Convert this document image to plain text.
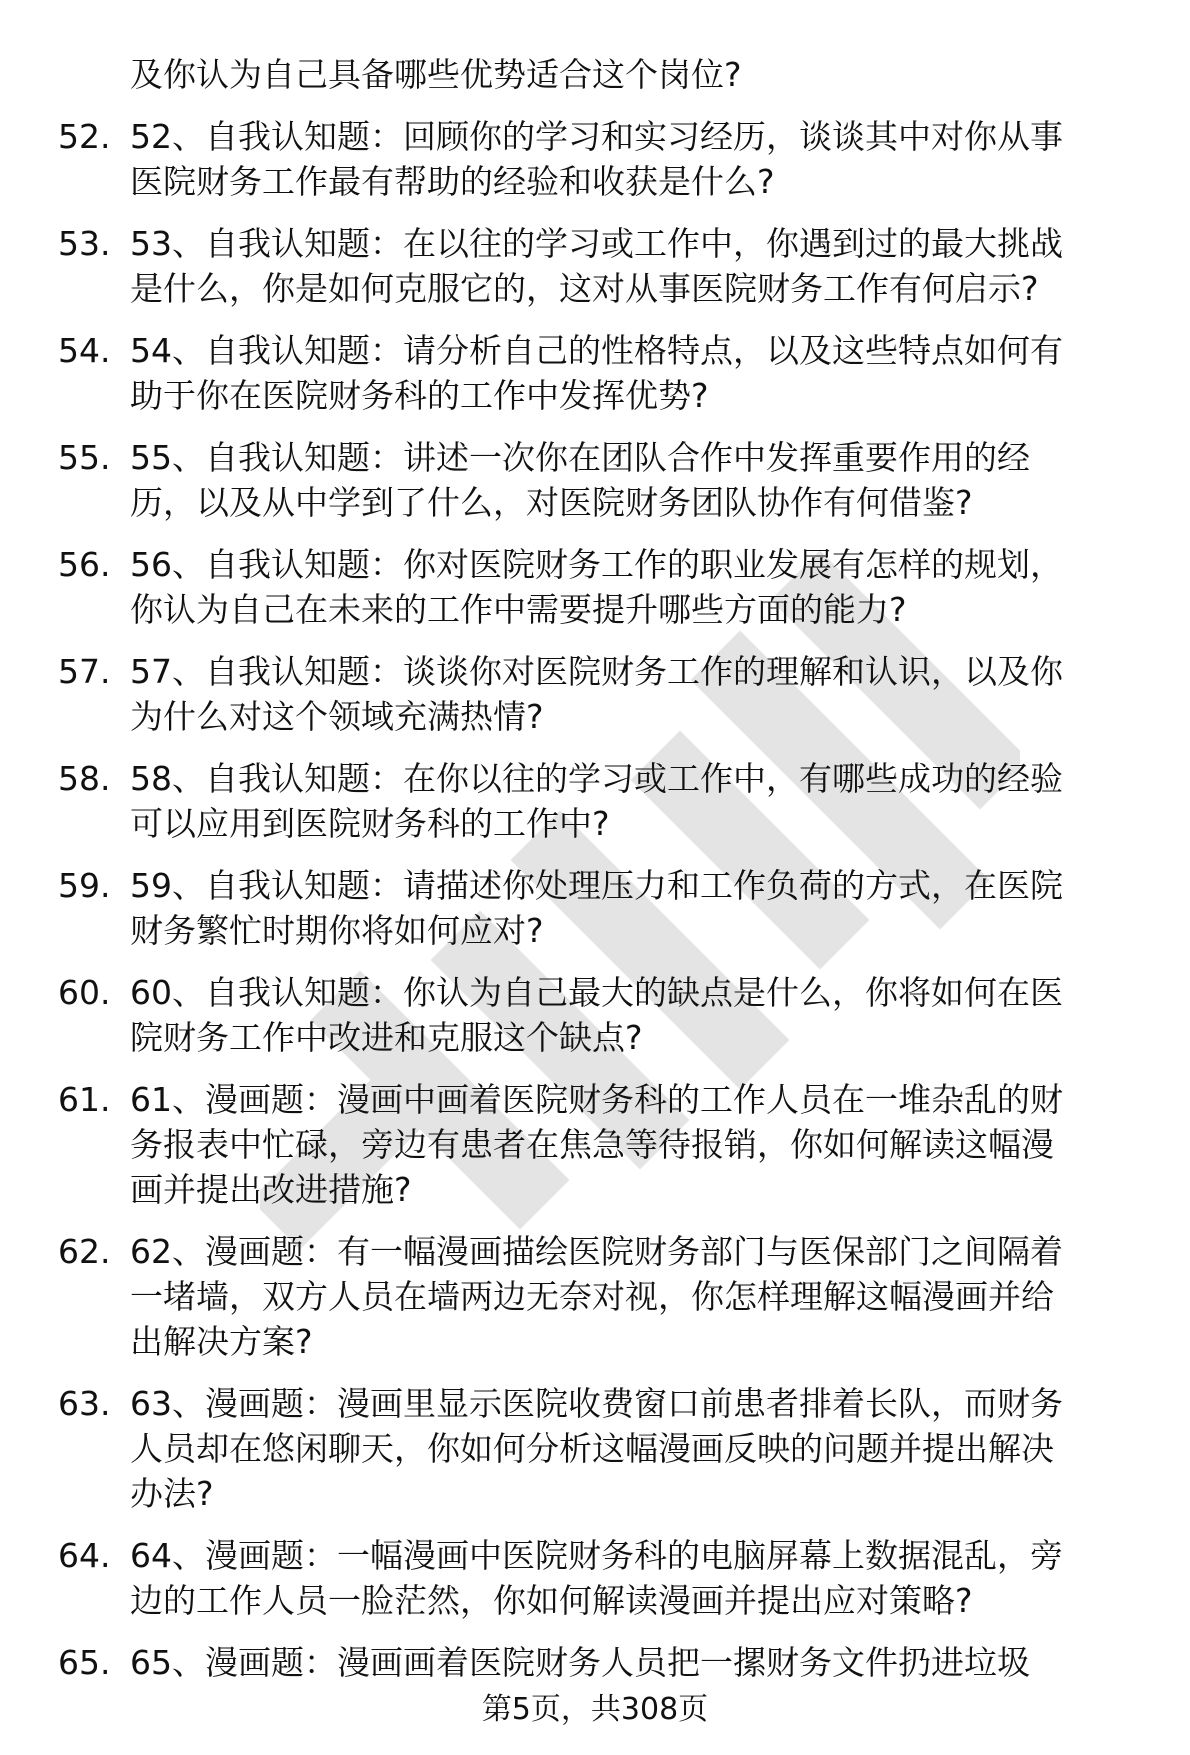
及你认为自己具备哪些优势适合这个岗位?
52. 52、自我认知题：回顾你的学习和实习经历，谈谈其中对你从事
医院财务工作最有帮助的经验和收获是什么?
53. 53、自我认知题：在以往的学习或工作中，你遇到过的最大挑战
是什么，你是如何克服它的，这对从事医院财务工作有何启示?
54. 54、自我认知题：请分析自己的性格特点，以及这些特点如何有
助于你在医院财务科的工作中发挥优势?
55. 55、自我认知题：讲述一次你在团队合作中发挥重要作用的经
历，以及从中学到了什么，对医院财务团队协作有何借鉴?
56. 56、自我认知题：你对医院财务工作的职业发展有怎样的规划，
你认为自己在未来的工作中需要提升哪些方面的能力?
57. 57、自我认知题：谈谈你对医院财务工作的理解和认识，以及你
为什么对这个领域充满热情?
58. 58、自我认知题：在你以往的学习或工作中，有哪些成功的经验
可以应用到医院财务科的工作中?
59. 59、自我认知题：请描述你处理压力和工作负荷的方式，在医院
财务繁忙时期你将如何应对?
60. 60、自我认知题：你认为自己最大的缺点是什么，你将如何在医
院财务工作中改进和克服这个缺点?
61. 61、漫画题：漫画中画着医院财务科的工作人员在一堆杂乱的财
务报表中忙碌，旁边有患者在焦急等待报销，你如何解读这幅漫
画并提出改进措施?
62. 62、漫画题：有一幅漫画描绘医院财务部门与医保部门之间隔着
一堵墙，双方人员在墙两边无奈对视，你怎样理解这幅漫画并给
出解决方案?
63. 63、漫画题：漫画里显示医院收费窗口前患者排着长队，而财务
人员却在悠闲聊天，你如何分析这幅漫画反映的问题并提出解决
办法?
64. 64、漫画题：一幅漫画中医院财务科的电脑屏幕上数据混乱，旁
边的工作人员一脸茫然，你如何解读漫画并提出应对策略?
65. 65、漫画题：漫画画着医院财务人员把一摞财务文件扔进垃圾
第5页，共308页
